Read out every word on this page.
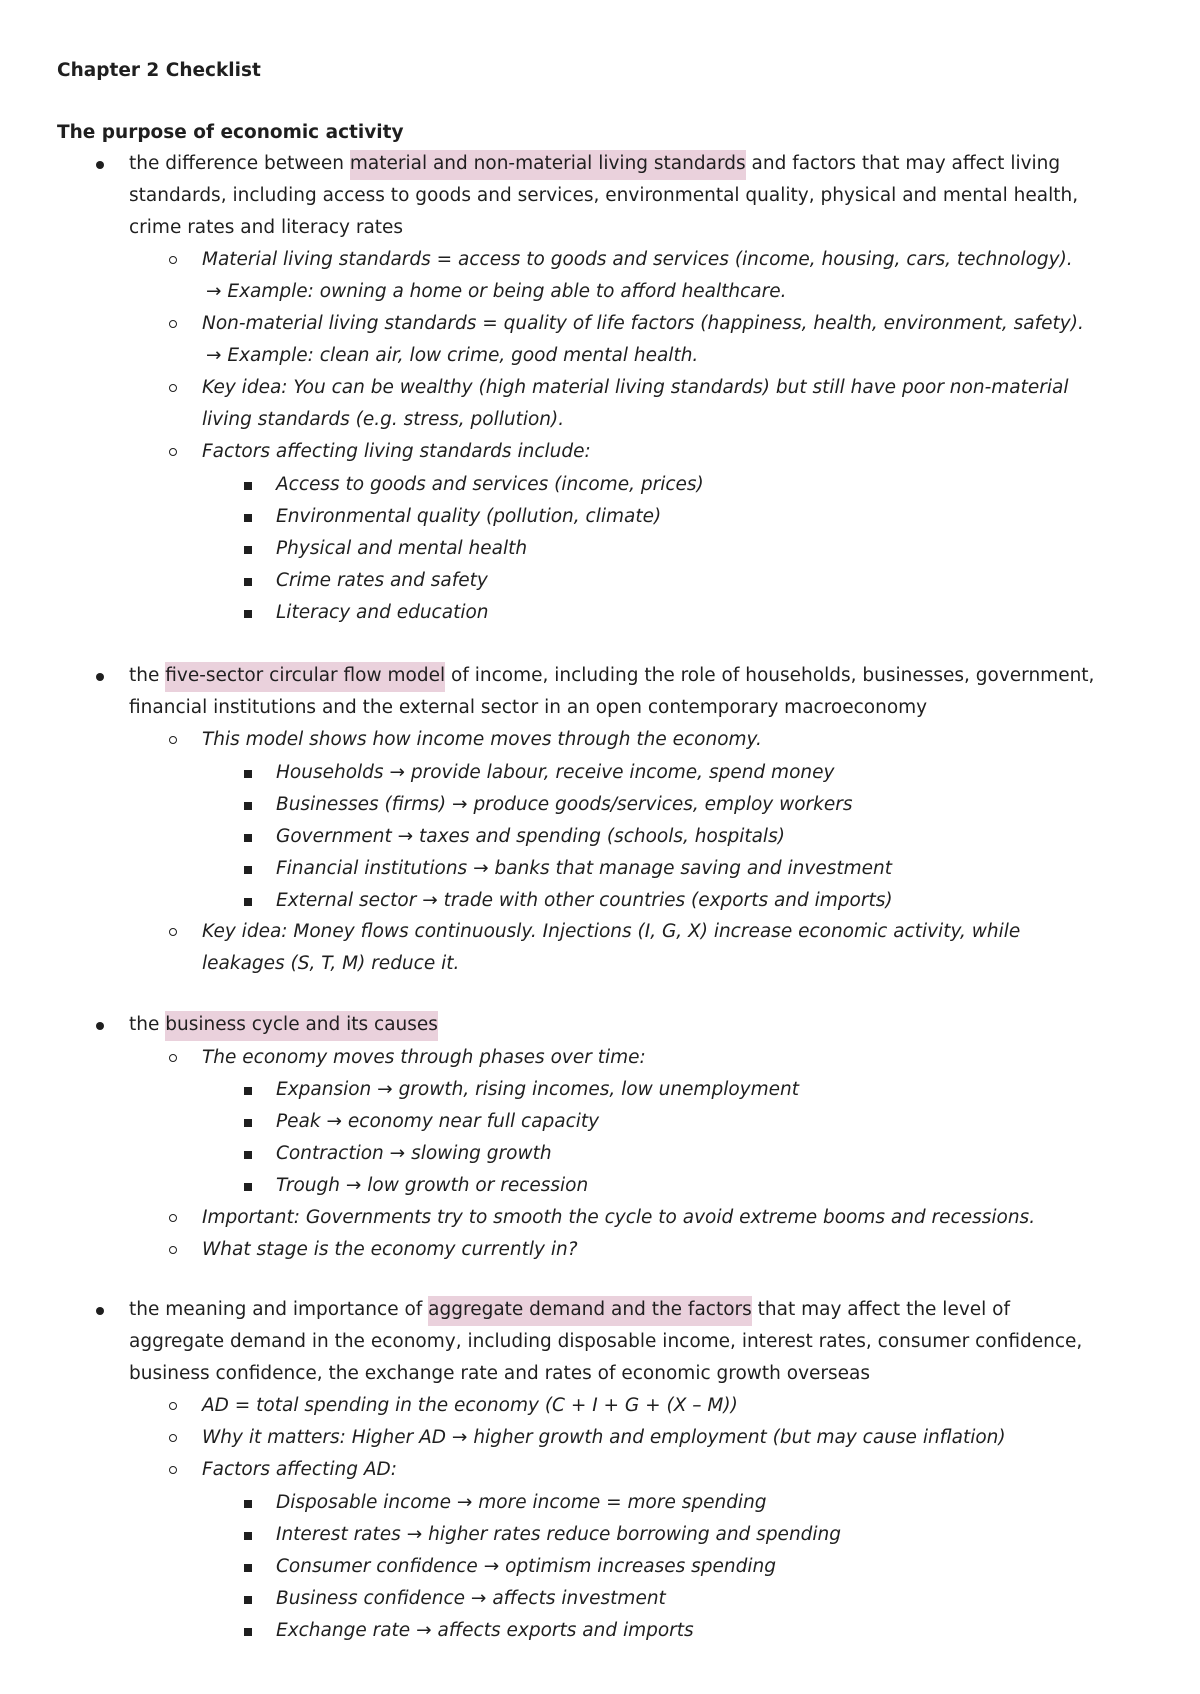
Chapter 2 Checklist
The purpose of economic activity
the difference between material and non-material living standards and factors that may affect living
standards, including access to goods and services, environmental quality, physical and mental health,
crime rates and literacy rates
Material living standards = access to goods and services (income, housing, cars, technology).
→ Example: owning a home or being able to afford healthcare.
Non-material living standards = quality of life factors (happiness, health, environment, safety).
→ Example: clean air, low crime, good mental health.
Key idea: You can be wealthy (high material living standards) but still have poor non-material
living standards (e.g. stress, pollution).
Factors affecting living standards include:
Access to goods and services (income, prices)
Environmental quality (pollution, climate)
Physical and mental health
Crime rates and safety
Literacy and education
the five-sector circular flow model of income, including the role of households, businesses, government,
financial institutions and the external sector in an open contemporary macroeconomy
This model shows how income moves through the economy.
Households → provide labour, receive income, spend money
Businesses (firms) → produce goods/services, employ workers
Government → taxes and spending (schools, hospitals)
Financial institutions → banks that manage saving and investment
External sector → trade with other countries (exports and imports)
Key idea: Money flows continuously. Injections (I, G, X) increase economic activity, while
leakages (S, T, M) reduce it.
the business cycle and its causes
The economy moves through phases over time:
Expansion → growth, rising incomes, low unemployment
Peak → economy near full capacity
Contraction → slowing growth
Trough → low growth or recession
Important: Governments try to smooth the cycle to avoid extreme booms and recessions.
What stage is the economy currently in?
the meaning and importance of aggregate demand and the factors that may affect the level of
aggregate demand in the economy, including disposable income, interest rates, consumer confidence,
business confidence, the exchange rate and rates of economic growth overseas
AD = total spending in the economy (C + I + G + (X – M))
Why it matters: Higher AD → higher growth and employment (but may cause inflation)
Factors affecting AD:
Disposable income → more income = more spending
Interest rates → higher rates reduce borrowing and spending
Consumer confidence → optimism increases spending
Business confidence → affects investment
Exchange rate → affects exports and imports
